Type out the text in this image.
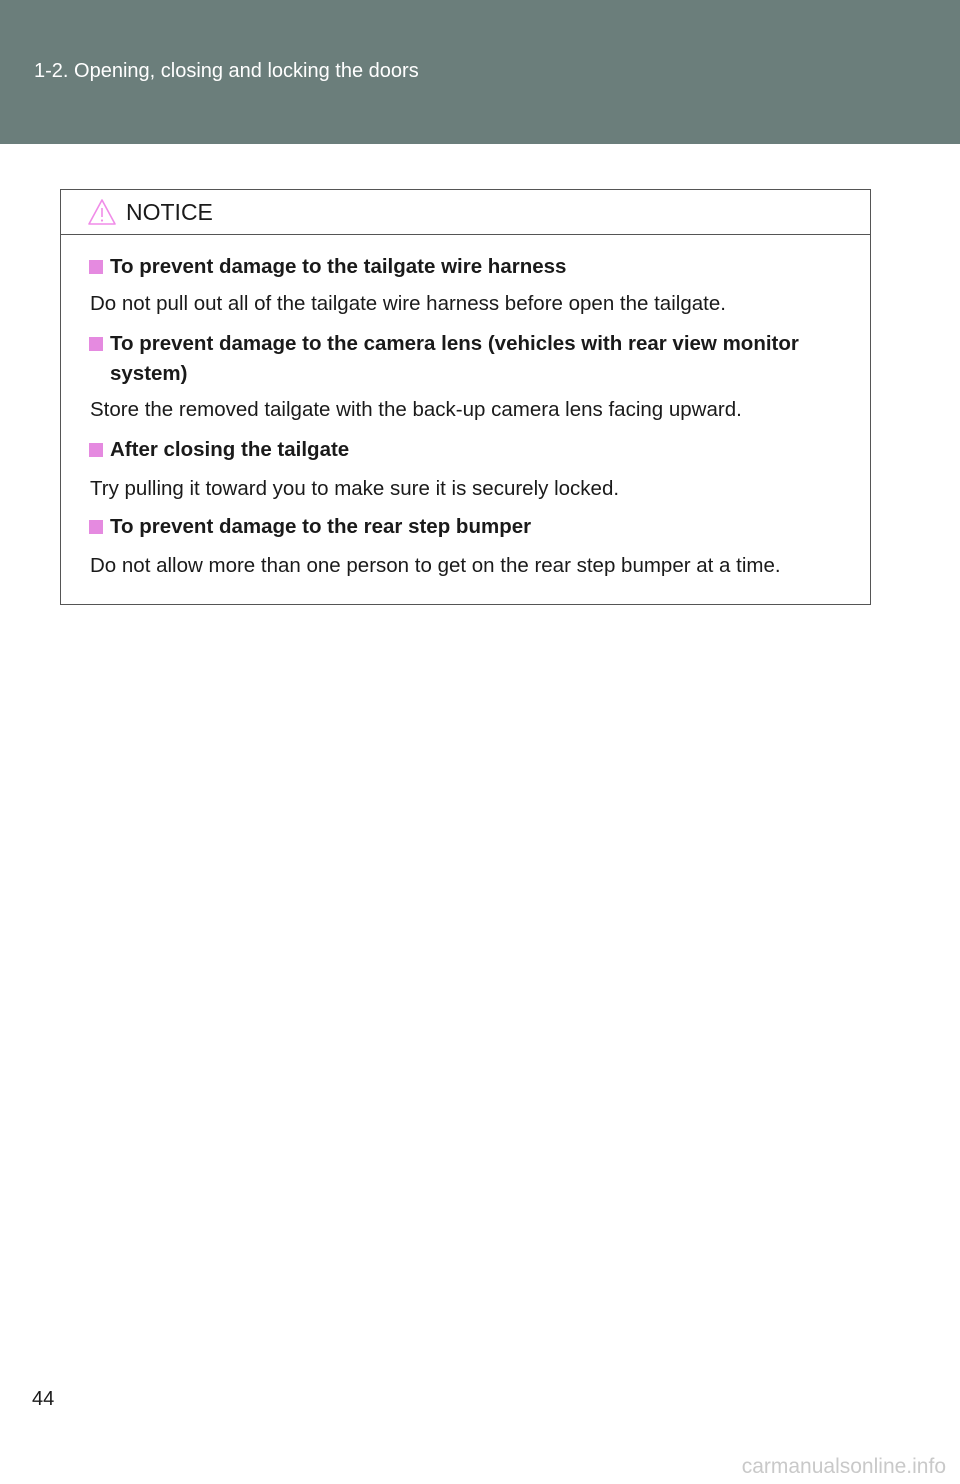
1-2. Opening, closing and locking the doors
NOTICE
To prevent damage to the tailgate wire harness
Do not pull out all of the tailgate wire harness before open the tailgate.
To prevent damage to the camera lens (vehicles with rear view monitor system)
Store the removed tailgate with the back-up camera lens facing upward.
After closing the tailgate
Try pulling it toward you to make sure it is securely locked.
To prevent damage to the rear step bumper
Do not allow more than one person to get on the rear step bumper at a time.
44
carmanualsonline.info
